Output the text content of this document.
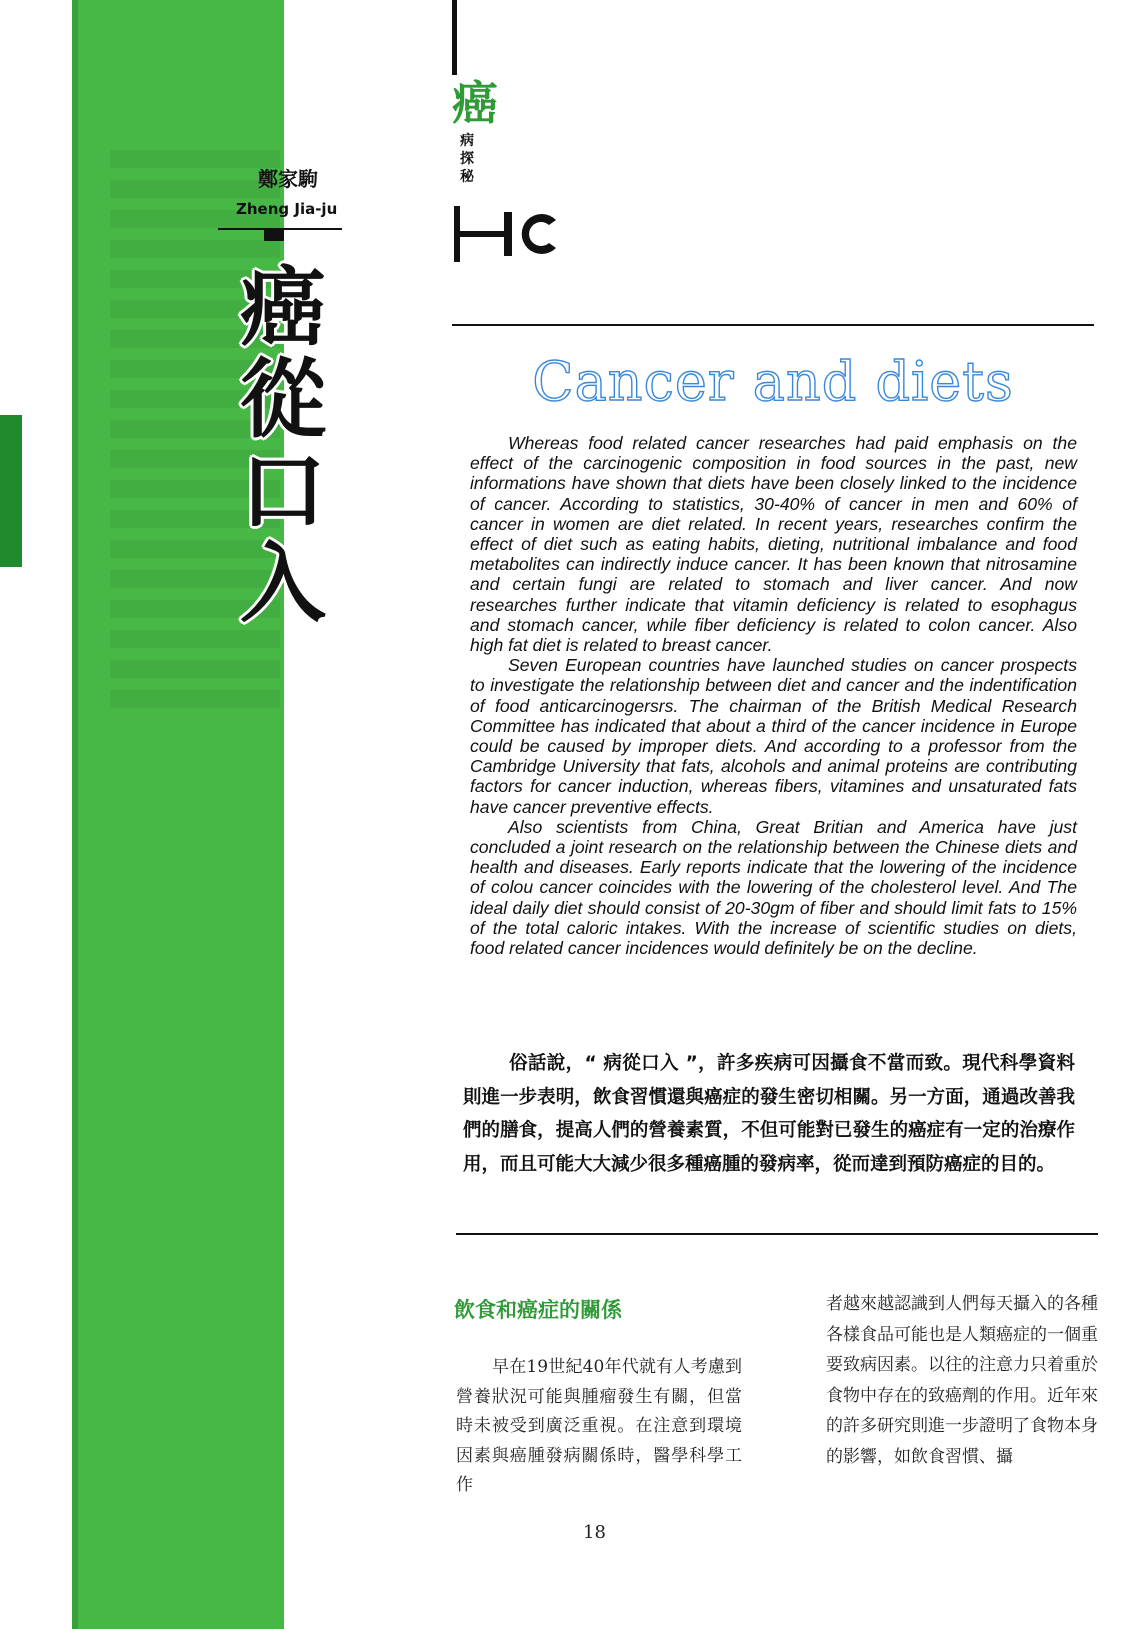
鄭家駒
Zheng Jia-ju
癌
從
口
入
癌
病探秘
HC
Cancer and diets

Whereas food related cancer researches had paid emphasis on the effect of the carcinogenic composition in food sources in the past, new informations have shown that diets have been closely linked to the incidence of cancer. According to statistics, 30-40% of cancer in men and 60% of cancer in women are diet related. In recent years, researches confirm the effect of diet such as eating habits, dieting, nutritional imbalance and food metabolites can indirectly induce cancer. It has been known that nitrosamine and certain fungi are related to stomach and liver cancer. And now researches further indicate that vitamin deficiency is related to esophagus and stomach cancer, while fiber deficiency is related to colon cancer. Also high fat diet is related to breast cancer.

Seven European countries have launched studies on cancer prospects to investigate the relationship between diet and cancer and the indentification of food anticarcinogersrs. The chairman of the British Medical Research Committee has indicated that about a third of the cancer incidence in Europe could be caused by improper diets. And according to a professor from the Cambridge University that fats, alcohols and animal proteins are contributing factors for cancer induction, whereas fibers, vitamines and unsaturated fats have cancer preventive effects.

Also scientists from China, Great Britian and America have just concluded a joint research on the relationship between the Chinese diets and health and diseases. Early reports indicate that the lowering of the incidence of colou cancer coincides with the lowering of the cholesterol level. And The ideal daily diet should consist of 20-30gm of fiber and should limit fats to 15% of the total caloric intakes. With the increase of scientific studies on diets, food related cancer incidences would definitely be on the decline.

俗話說，“ 病從口入 ”，許多疾病可因攝食不當而致。現代科學資料則進一步表明，飲食習慣還與癌症的發生密切相關。另一方面，通過改善我們的膳食，提高人們的營養素質，不但可能對已發生的癌症有一定的治療作用，而且可能大大減少很多種癌腫的發病率，從而達到預防癌症的目的。

飲食和癌症的關係

早在19世紀40年代就有人考慮到營養狀況可能與腫瘤發生有關，但當時未被受到廣泛重視。在注意到環境因素與癌腫發病關係時，醫學科學工作

者越來越認識到人們每天攝入的各種各樣食品可能也是人類癌症的一個重要致病因素。以往的注意力只着重於食物中存在的致癌劑的作用。近年來的許多研究則進一步證明了食物本身的影響，如飲食習慣、攝

18
